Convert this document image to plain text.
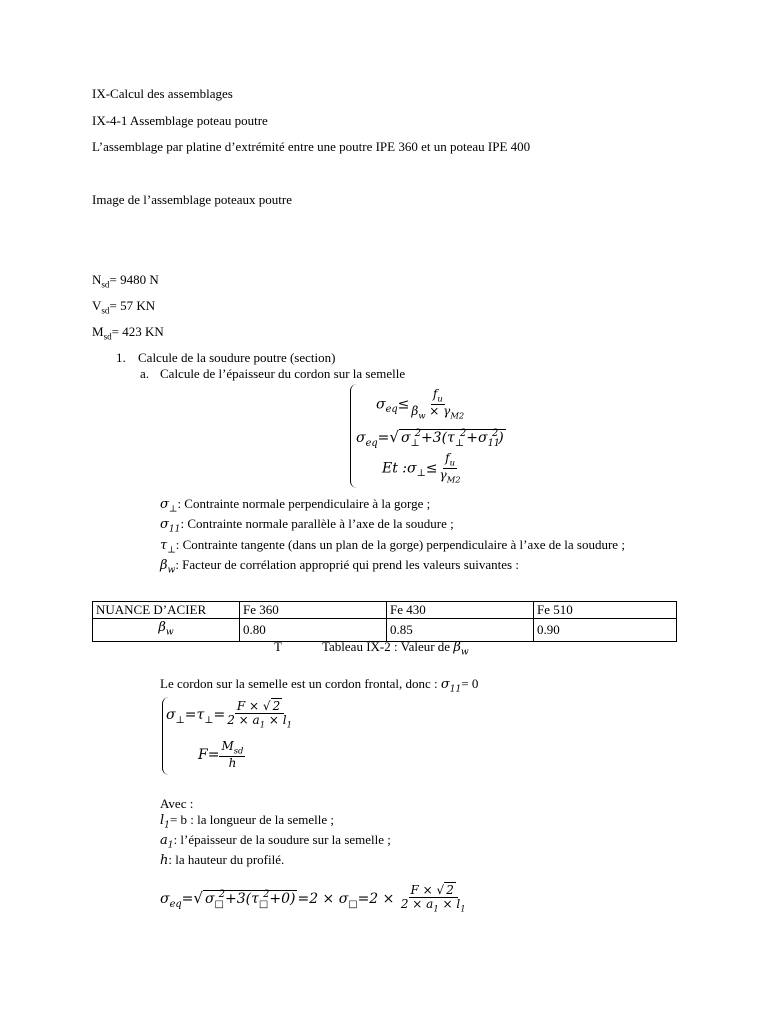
IX-Calcul des assemblages
IX-4-1 Assemblage poteau poutre
L’assemblage par platine d’extrémité entre une poutre IPE 360 et un poteau IPE 400
Image de l’assemblage poteaux poutre
$N_{sd}= 9480$ N
$V_{sd}= 57$ KN
$M_{sd}= 423$ KN
1. Calcule de la soudure poutre (section)
a. Calcule de l’épaisseur du cordon sur la semelle
$\sigma_{eq}\le \frac{f_u}{\beta_w \times \gamma_{M2}}$
$\sigma_{eq}=√$ $\sigma_\perp^2+3(\tau_\perp^2+\sigma_{11}^2)$
Et $:\sigma_\perp\le \frac{f_u}{\gamma_{M2}}$
$\sigma_\perp$: Contrainte normale perpendiculaire à la gorge ;
$\sigma_{11}$: Contrainte normale parallèle à l’axe de la soudure ;
$\tau_\perp$: Contrainte tangente (dans un plan de la gorge) perpendiculaire à l’axe de la soudure ;
$\beta_w$: Facteur de corrélation approprié qui prend les valeurs suivantes :
NUANCE D’ACIER	Fe 360	Fe 430	Fe 510
$\beta_w$	0.80	0.85	0.90
T	Tableau IX-2 : Valeur de $\beta_w$
Le cordon sur la semelle est un cordon frontal, donc : $\sigma_{11}= 0$
$\sigma_\perp=\tau_\perp= \frac{F \times √ 2}{2 \times a_1 \times l_1}$
$F= \frac{M_{sd}}{h}$
Avec :
$l_1= b$ : la longueur de la semelle ;
$a_1$: l’épaisseur de la soudure sur la semelle ;
h: la hauteur du profilé.
$\sigma_{eq}=√$ $\sigma_□^2+3(\tau_□^2+0) =2 \times \sigma_□=2 \times \frac{F \times √ 2}{2 \times a_1 \times l_1}$
